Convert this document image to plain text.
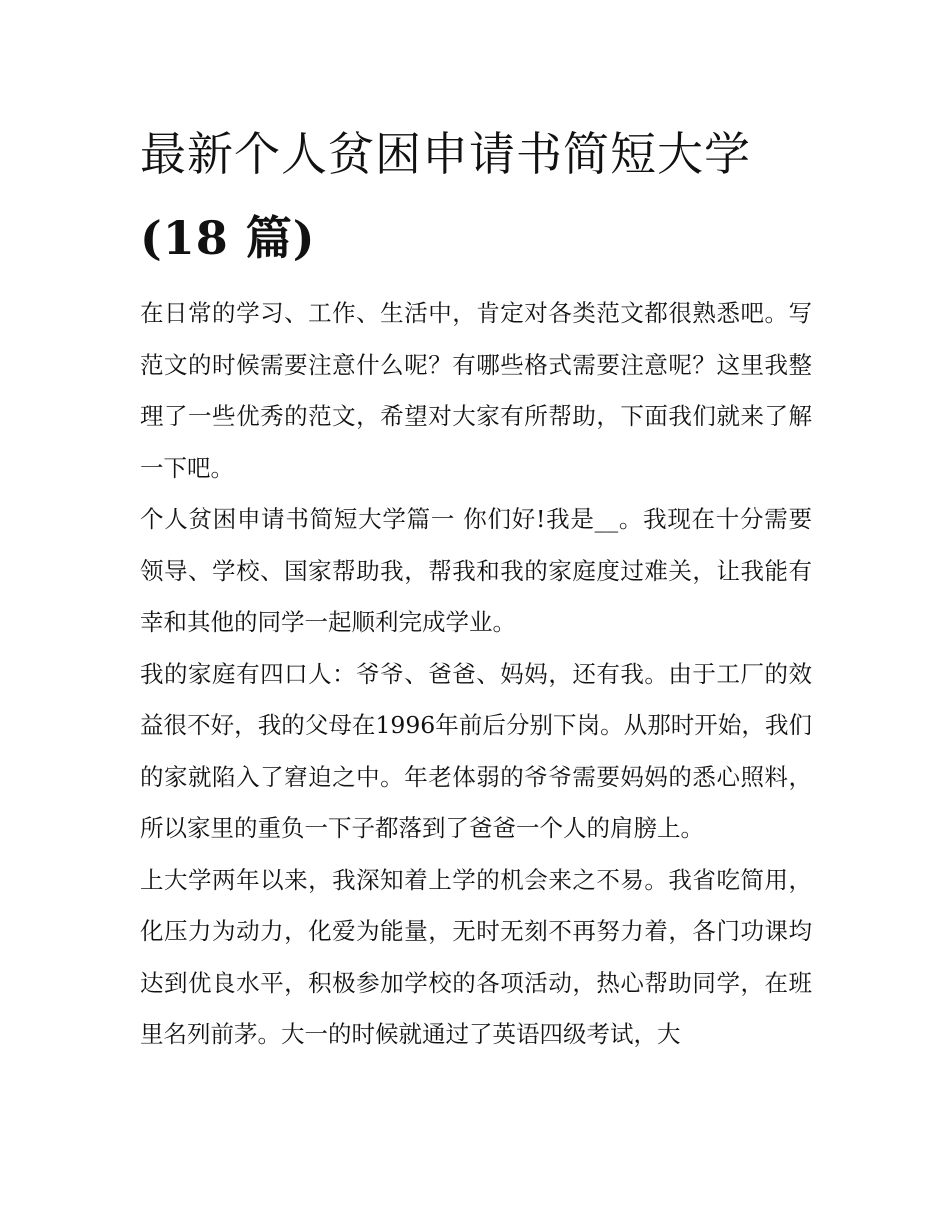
最新个人贫困申请书简短大学
(18 篇)

在日常的学习、工作、生活中，肯定对各类范文都很熟悉吧。写范文的时候需要注意什么呢？有哪些格式需要注意呢？这里我整理了一些优秀的范文，希望对大家有所帮助，下面我们就来了解一下吧。

个人贫困申请书简短大学篇一 你们好!我是__。我现在十分需要领导、学校、国家帮助我，帮我和我的家庭度过难关，让我能有幸和其他的同学一起顺利完成学业。

我的家庭有四口人：爷爷、爸爸、妈妈，还有我。由于工厂的效益很不好，我的父母在1996年前后分别下岗。从那时开始，我们的家就陷入了窘迫之中。年老体弱的爷爷需要妈妈的悉心照料，所以家里的重负一下子都落到了爸爸一个人的肩膀上。

上大学两年以来，我深知着上学的机会来之不易。我省吃简用，化压力为动力，化爱为能量，无时无刻不再努力着，各门功课均达到优良水平，积极参加学校的各项活动，热心帮助同学，在班里名列前茅。大一的时候就通过了英语四级考试，大
